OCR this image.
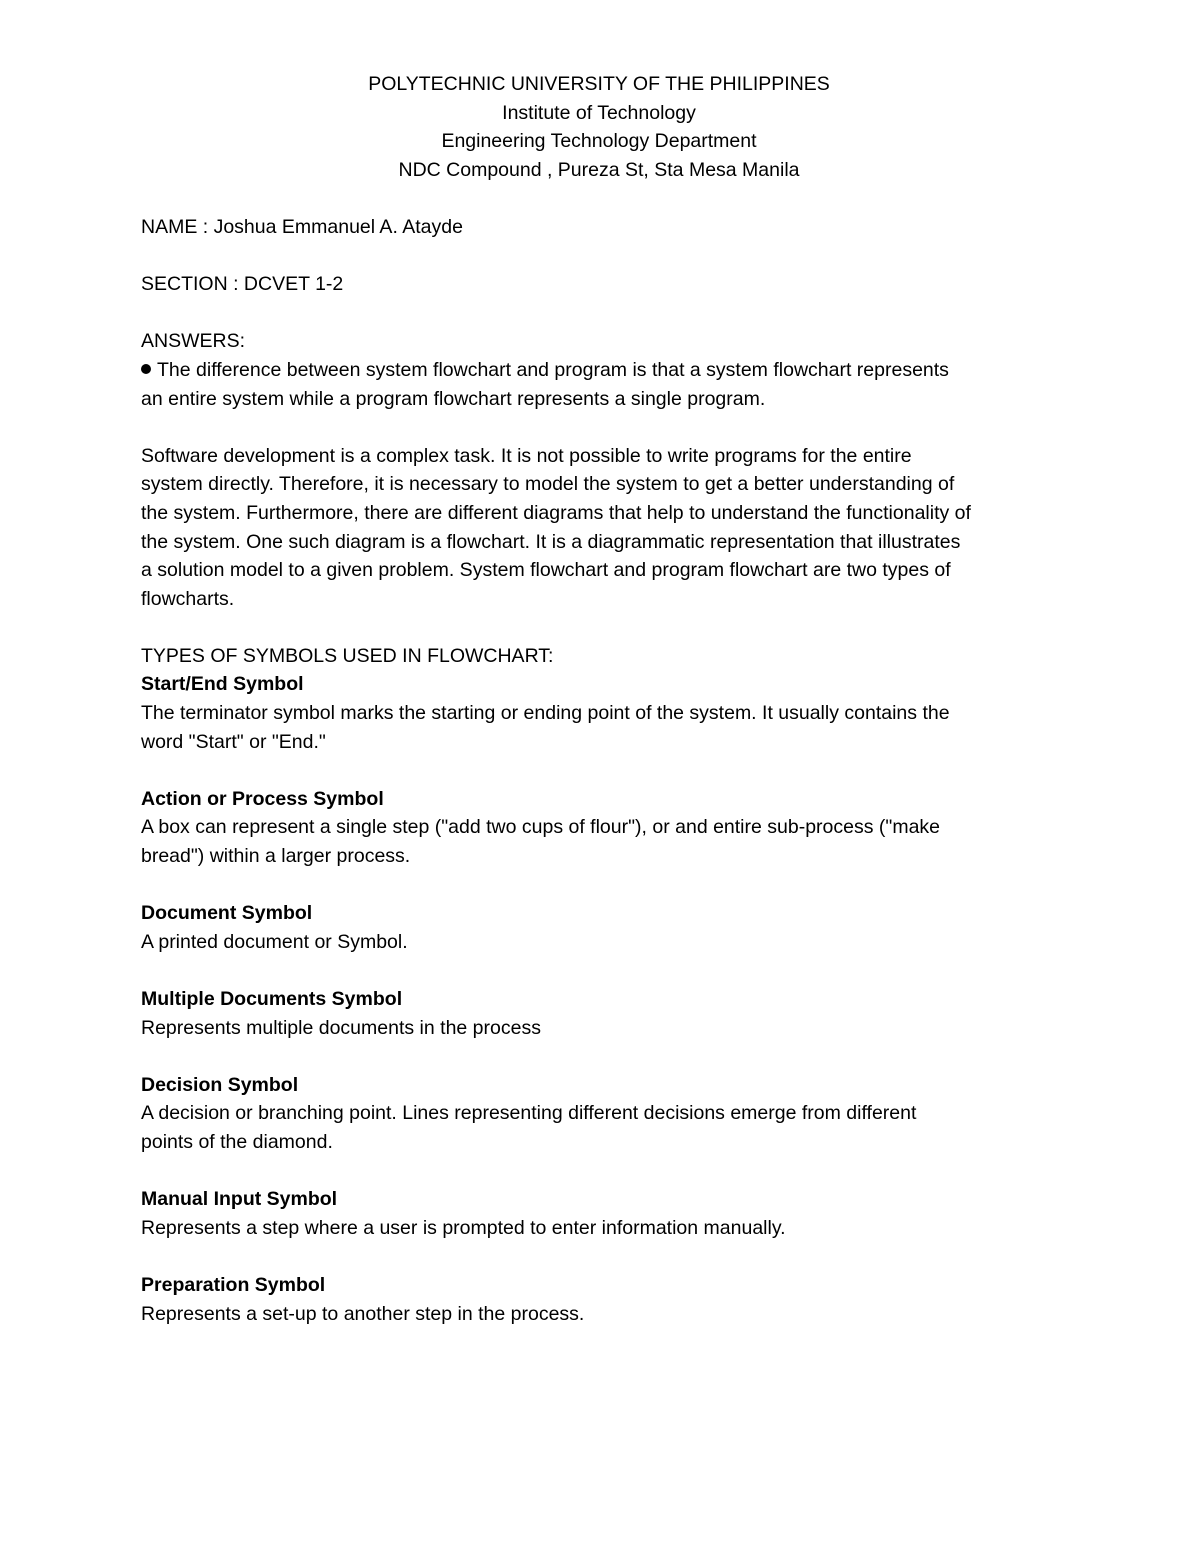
POLYTECHNIC UNIVERSITY OF THE PHILIPPINES
Institute of Technology
Engineering Technology Department
NDC Compound , Pureza St, Sta Mesa Manila
NAME : Joshua Emmanuel A. Atayde
SECTION : DCVET 1-2
ANSWERS:
The difference between system flowchart and program is that a system flowchart represents
an entire system while a program flowchart represents a single program.
Software development is a complex task. It is not possible to write programs for the entire
system directly. Therefore, it is necessary to model the system to get a better understanding of
the system. Furthermore, there are different diagrams that help to understand the functionality of
the system. One such diagram is a flowchart. It is a diagrammatic representation that illustrates
a solution model to a given problem. System flowchart and program flowchart are two types of
flowcharts.
TYPES OF SYMBOLS USED IN FLOWCHART:
Start/End Symbol
The terminator symbol marks the starting or ending point of the system. It usually contains the
word "Start" or "End."
Action or Process Symbol
A box can represent a single step ("add two cups of flour"), or and entire sub-process ("make
bread") within a larger process.
Document Symbol
A printed document or Symbol.
Multiple Documents Symbol
Represents multiple documents in the process
Decision Symbol
A decision or branching point. Lines representing different decisions emerge from different
points of the diamond.
Manual Input Symbol
Represents a step where a user is prompted to enter information manually.
Preparation Symbol
Represents a set-up to another step in the process.
